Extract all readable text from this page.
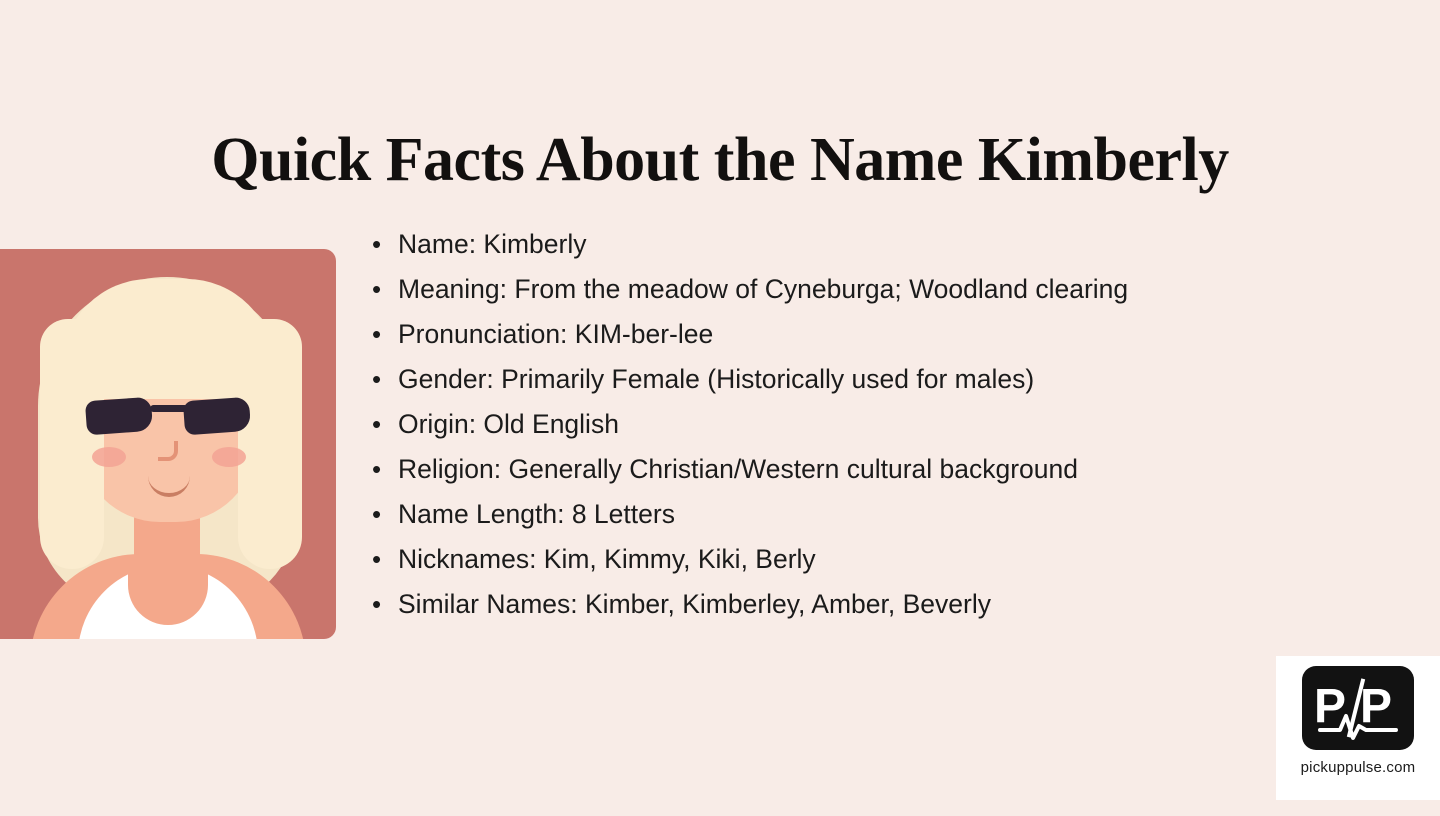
Quick Facts About the Name Kimberly
• Name: Kimberly
• Meaning: From the meadow of Cyneburga; Woodland clearing
• Pronunciation: KIM-ber-lee
• Gender: Primarily Female (Historically used for males)
• Origin: Old English
• Religion: Generally Christian/Western cultural background
• Name Length: 8 Letters
• Nicknames: Kim, Kimmy, Kiki, Berly
• Similar Names: Kimber, Kimberley, Amber, Beverly
P P
pickuppulse.com
